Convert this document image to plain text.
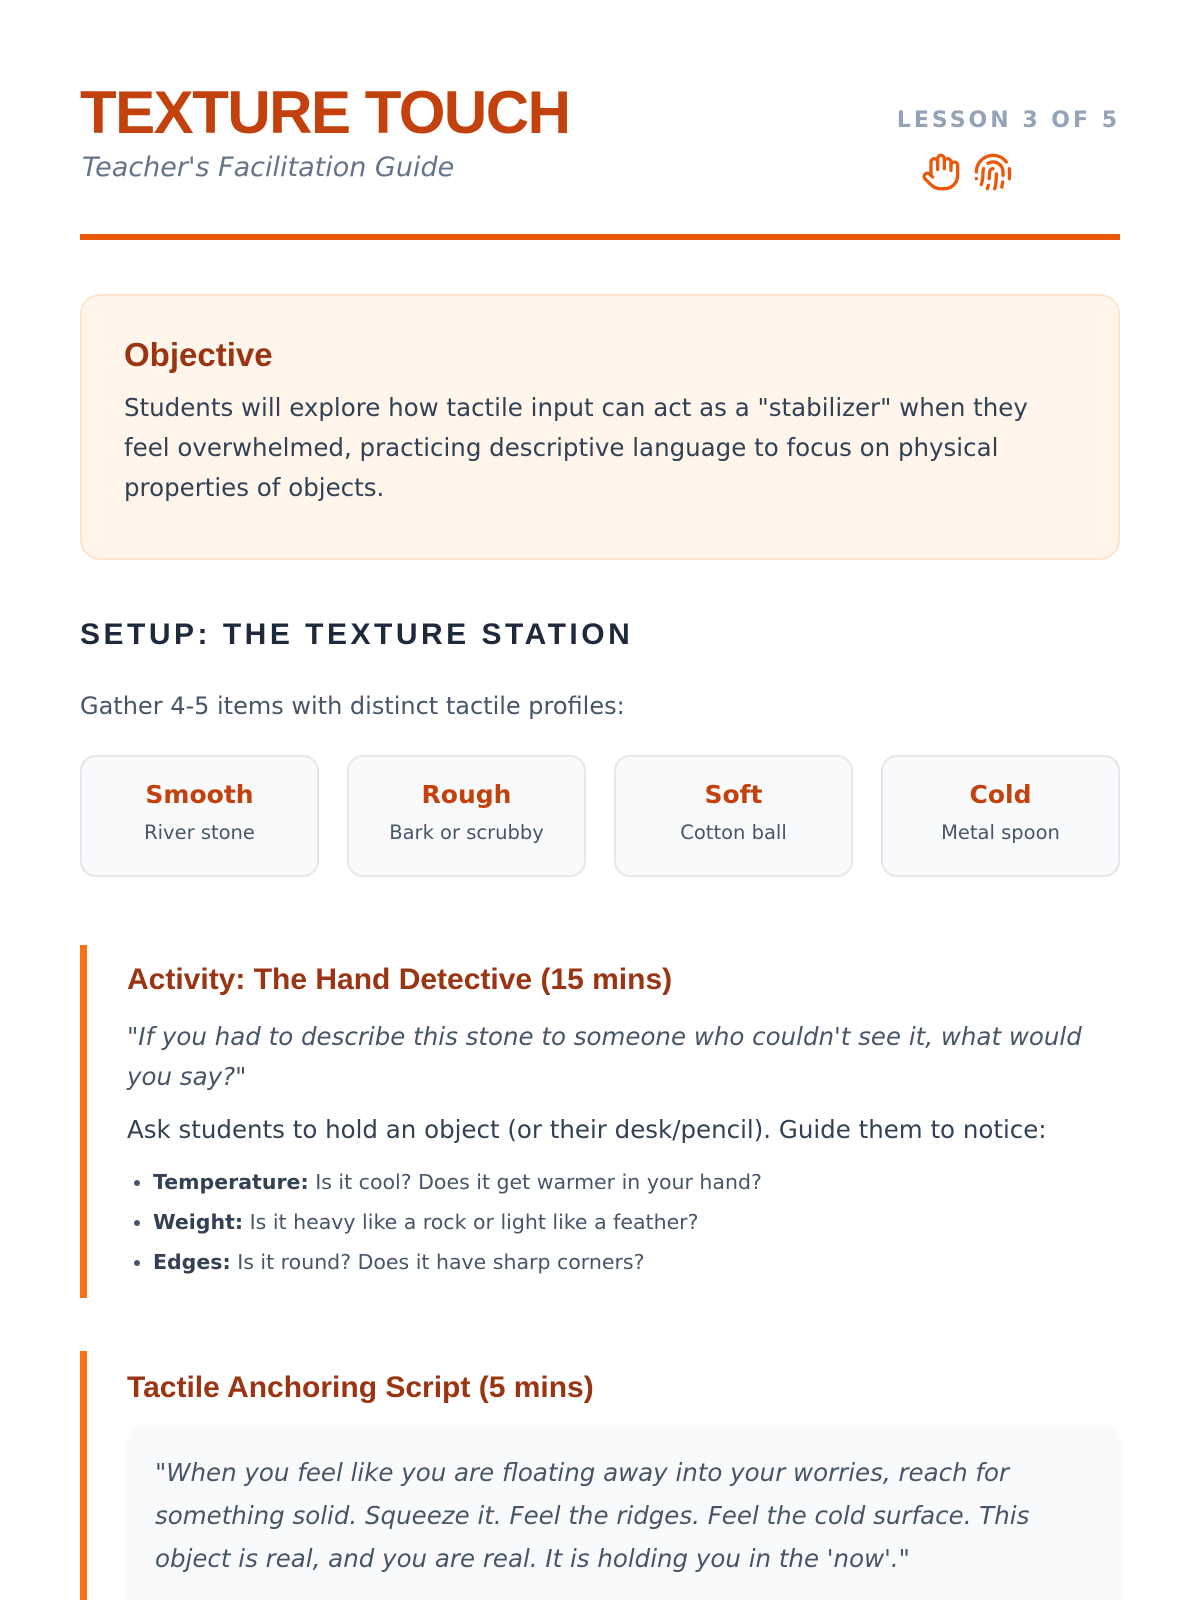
TEXTURE TOUCH
Teacher's Facilitation Guide
LESSON 3 OF 5
Objective

Students will explore how tactile input can act as a "stabilizer" when they feel overwhelmed, practicing descriptive language to focus on physical properties of objects.

SETUP: THE TEXTURE STATION
Gather 4-5 items with distinct tactile profiles:
Smooth
River stone
Rough
Bark or scrubby
Soft
Cotton ball
Cold
Metal spoon
Activity: The Hand Detective (15 mins)
"If you had to describe this stone to someone who couldn't see it, what would you say?"
Ask students to hold an object (or their desk/pencil). Guide them to notice:
• Temperature: Is it cool? Does it get warmer in your hand?
• Weight: Is it heavy like a rock or light like a feather?
• Edges: Is it round? Does it have sharp corners?
Tactile Anchoring Script (5 mins)
"When you feel like you are floating away into your worries, reach for something solid. Squeeze it. Feel the ridges. Feel the cold surface. This object is real, and you are real. It is holding you in the 'now'."
